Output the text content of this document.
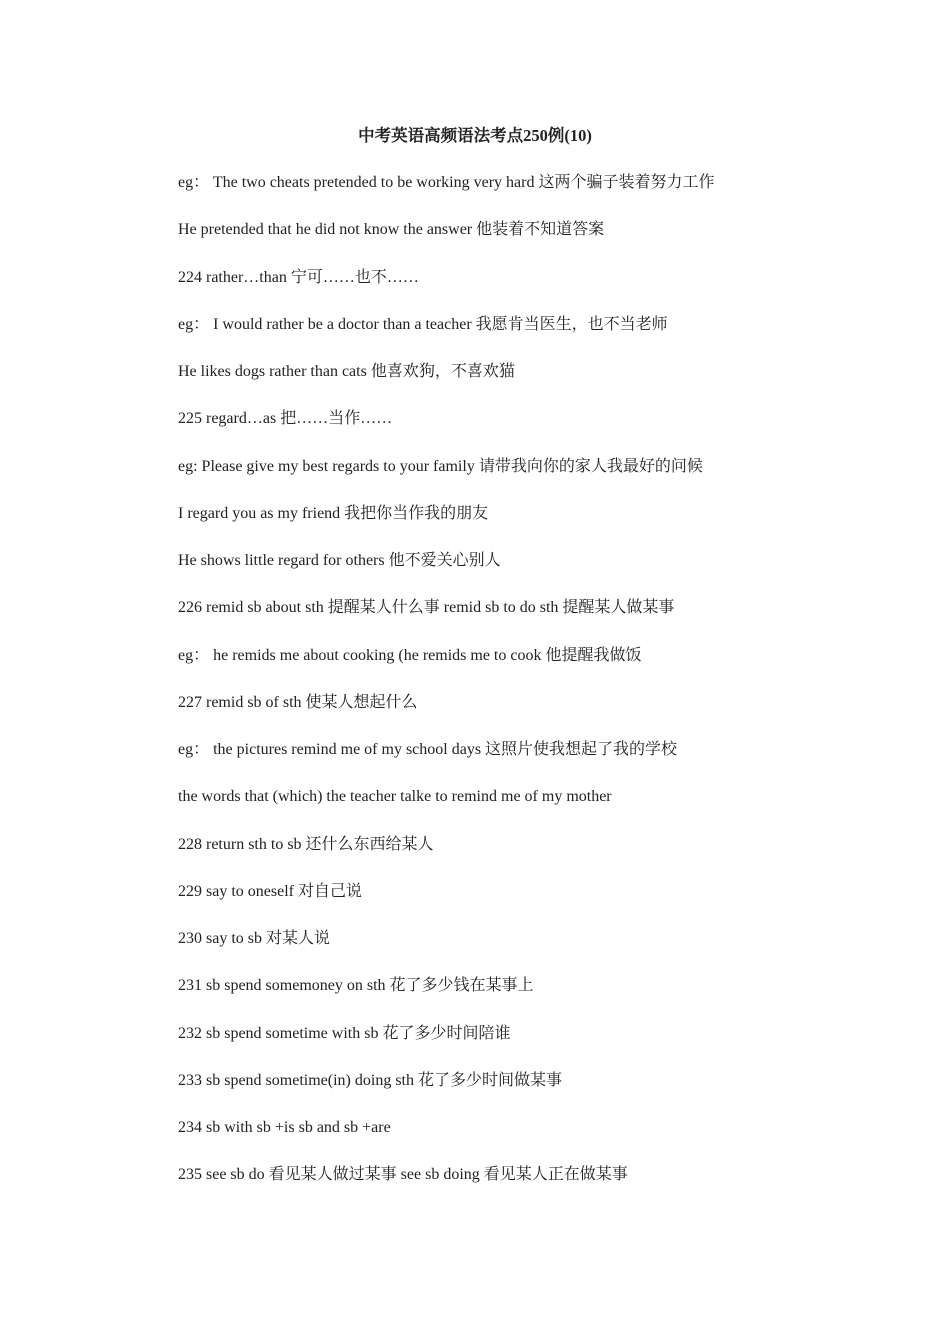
中考英语高频语法考点250例(10)
eg： The two cheats pretended to be working very hard 这两个骗子装着努力工作
He pretended that he did not know the answer 他装着不知道答案
224 rather…than 宁可……也不……
eg： I would rather be a doctor than a teacher 我愿肯当医生，也不当老师
He likes dogs rather than cats 他喜欢狗，不喜欢猫
225 regard…as 把……当作……
eg: Please give my best regards to your family 请带我向你的家人我最好的问候
I regard you as my friend 我把你当作我的朋友
He shows little regard for others 他不爱关心别人
226 remid sb about sth 提醒某人什么事 remid sb to do sth 提醒某人做某事
eg： he remids me about cooking (he remids me to cook 他提醒我做饭
227 remid sb of sth 使某人想起什么
eg： the pictures remind me of my school days 这照片使我想起了我的学校
the words that (which) the teacher talke to remind me of my mother
228 return sth to sb 还什么东西给某人
229 say to oneself 对自己说
230 say to sb 对某人说
231 sb spend somemoney on sth 花了多少钱在某事上
232 sb spend sometime with sb 花了多少时间陪谁
233 sb spend sometime(in) doing sth 花了多少时间做某事
234 sb with sb +is sb and sb +are
235 see sb do 看见某人做过某事 see sb doing 看见某人正在做某事
